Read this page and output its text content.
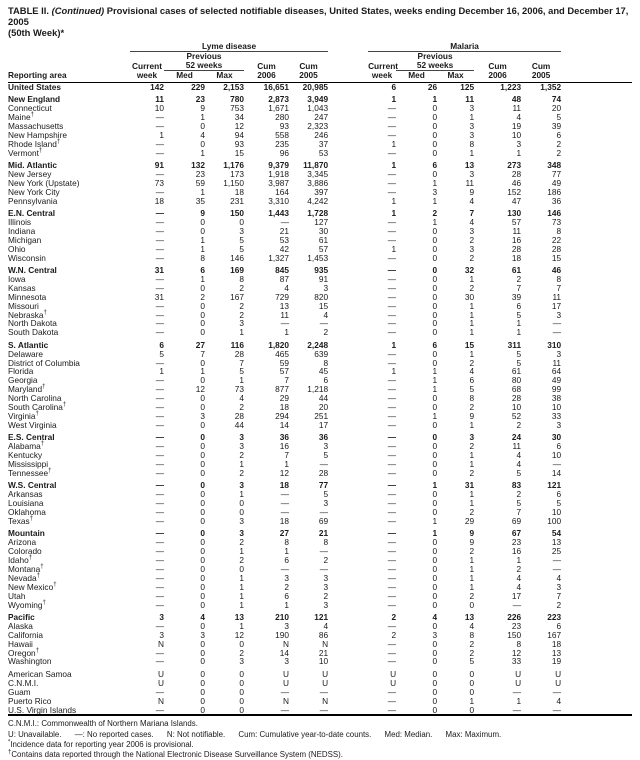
TABLE II. (Continued) Provisional cases of selected notifiable diseases, United States, weeks ending December 16, 2006, and December 17, 2005
(50th Week)*
	Lyme disease						Malaria					
		Previous						Previous				
	Current	52 weeks		Cum	Cum		Current	52 weeks		Cum	Cum	
Reporting area	week	Med	Max	2006	2005		week	Med	Max	2006	2005	
United States	142	229	2,153	16,651	20,985		6	26	125	1,223	1,352	
New England	11	23	780	2,873	3,949		1	1	11	48	74	
Connecticut	10	9	753	1,671	1,043		—	0	3	11	20	
Maine†	—	1	34	280	247		—	0	1	4	5	
Massachusetts	—	0	12	93	2,323		—	0	3	19	39	
New Hampshire	1	4	94	558	246		—	0	3	10	6	
Rhode Island†	—	0	93	235	37		1	0	8	3	2	
Vermont†	—	1	15	96	53		—	0	1	1	2	
Mid. Atlantic	91	132	1,176	9,379	11,870		1	6	13	273	348	
New Jersey	—	23	173	1,918	3,345		—	0	3	28	77	
New York (Upstate)	73	59	1,150	3,987	3,886		—	1	11	46	49	
New York City	—	1	18	164	397		—	3	9	152	186	
Pennsylvania	18	35	231	3,310	4,242		1	1	4	47	36	
E.N. Central	—	9	150	1,443	1,728		1	2	7	130	146	
Illinois	—	0	0	—	127		—	1	4	57	73	
Indiana	—	0	3	21	30		—	0	3	11	8	
Michigan	—	1	5	53	61		—	0	2	16	22	
Ohio	—	1	5	42	57		1	0	3	28	28	
Wisconsin	—	8	146	1,327	1,453		—	0	2	18	15	
W.N. Central	31	6	169	845	935		—	0	32	61	46	
Iowa	—	1	8	87	91		—	0	1	2	8	
Kansas	—	0	2	4	3		—	0	2	7	7	
Minnesota	31	2	167	729	820		—	0	30	39	11	
Missouri	—	0	2	13	15		—	0	1	6	17	
Nebraska†	—	0	2	11	4		—	0	1	5	3	
North Dakota	—	0	3	—	—		—	0	1	1	—	
South Dakota	—	0	1	1	2		—	0	1	1	—	
S. Atlantic	6	27	116	1,820	2,248		1	6	15	311	310	
Delaware	5	7	28	465	639		—	0	1	5	3	
District of Columbia	—	0	7	59	8		—	0	2	5	11	
Florida	1	1	5	57	45		1	1	4	61	64	
Georgia	—	0	1	7	6		—	1	6	80	49	
Maryland†	—	12	73	877	1,218		—	1	5	68	99	
North Carolina	—	0	4	29	44		—	0	8	28	38	
South Carolina†	—	0	2	18	20		—	0	2	10	10	
Virginia†	—	3	28	294	251		—	1	9	52	33	
West Virginia	—	0	44	14	17		—	0	1	2	3	
E.S. Central	—	0	3	36	36		—	0	3	24	30	
Alabama†	—	0	3	16	3		—	0	2	11	6	
Kentucky	—	0	2	7	5		—	0	1	4	10	
Mississippi	—	0	1	1	—		—	0	1	4	—	
Tennessee†	—	0	2	12	28		—	0	2	5	14	
W.S. Central	—	0	3	18	77		—	1	31	83	121	
Arkansas	—	0	1	—	5		—	0	1	2	6	
Louisiana	—	0	0	—	3		—	0	1	5	5	
Oklahoma	—	0	0	—	—		—	0	2	7	10	
Texas†	—	0	3	18	69		—	1	29	69	100	
Mountain	—	0	3	27	21		—	1	9	67	54	
Arizona	—	0	2	8	8		—	0	9	23	13	
Colorado	—	0	1	1	—		—	0	2	16	25	
Idaho†	—	0	2	6	2		—	0	1	1	—	
Montana†	—	0	0	—	—		—	0	1	2	—	
Nevada†	—	0	1	3	3		—	0	1	4	4	
New Mexico†	—	0	1	2	3		—	0	1	4	3	
Utah	—	0	1	6	2		—	0	2	17	7	
Wyoming†	—	0	1	1	3		—	0	0	—	2	
Pacific	3	4	13	210	121		2	4	13	226	223	
Alaska	—	0	1	3	4		—	0	4	23	6	
California	3	3	12	190	86		2	3	8	150	167	
Hawaii	N	0	0	N	N		—	0	2	8	18	
Oregon†	—	0	2	14	21		—	0	2	12	13	
Washington	—	0	3	3	10		—	0	5	33	19	
American Samoa	U	0	0	U	U		U	0	0	U	U	
C.N.M.I.	U	0	0	U	U		U	0	0	U	U	
Guam	—	0	0	—	—		—	0	0	—	—	
Puerto Rico	N	0	0	N	N		—	0	1	1	4	
U.S. Virgin Islands	—	0	0	—	—		—	0	0	—	—	
C.N.M.I.: Commonwealth of Northern Mariana Islands.
U: Unavailable. —: No reported cases. N: Not notifiable. Cum: Cumulative year-to-date counts. Med: Median. Max: Maximum.
*Incidence data for reporting year 2006 is provisional.
†Contains data reported through the National Electronic Disease Surveillance System (NEDSS).
